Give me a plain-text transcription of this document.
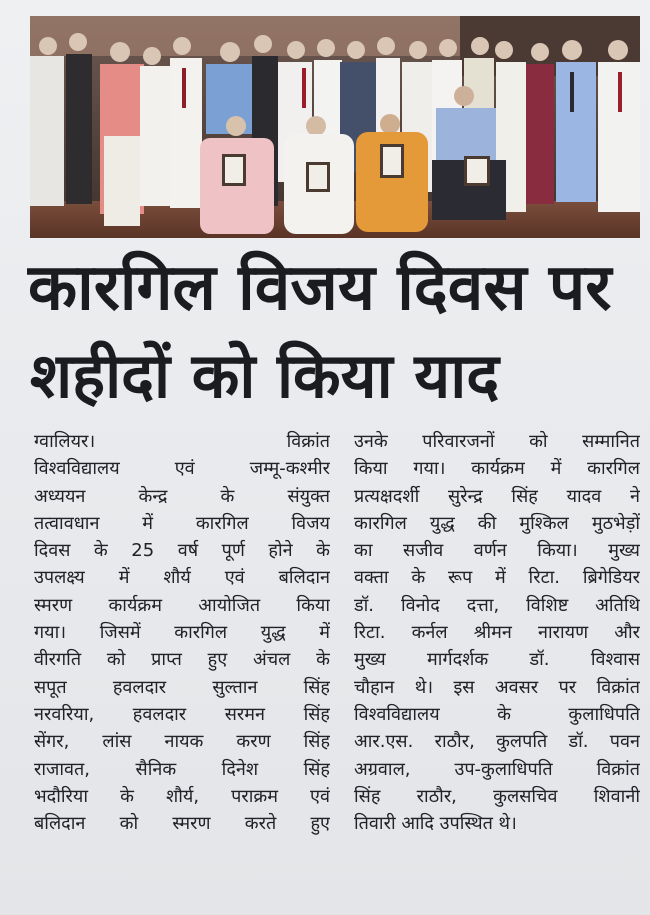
कारगिल विजय दिवस पर
शहीदों को किया याद
ग्वालियर। विक्रांत
विश्वविद्यालय एवं जम्मू-कश्मीर
अध्ययन केन्द्र के संयुक्त
तत्वावधान में कारगिल विजय
दिवस के 25 वर्ष पूर्ण होने के
उपलक्ष्य में शौर्य एवं बलिदान
स्मरण कार्यक्रम आयोजित किया
गया। जिसमें कारगिल युद्ध में
वीरगति को प्राप्त हुए अंचल के
सपूत हवलदार सुल्तान सिंह
नरवरिया, हवलदार सरमन सिंह
सेंगर, लांस नायक करण सिंह
राजावत, सैनिक दिनेश सिंह
भदौरिया के शौर्य, पराक्रम एवं
बलिदान को स्मरण करते हुए
उनके परिवारजनों को सम्मानित
किया गया। कार्यक्रम में कारगिल
प्रत्यक्षदर्शी सुरेन्द्र सिंह यादव ने
कारगिल युद्ध की मुश्किल मुठभेड़ों
का सजीव वर्णन किया। मुख्य
वक्ता के रूप में रिटा. ब्रिगेडियर
डॉ. विनोद दत्ता, विशिष्ट अतिथि
रिटा. कर्नल श्रीमन नारायण और
मुख्य मार्गदर्शक डॉ. विश्वास
चौहान थे। इस अवसर पर विक्रांत
विश्वविद्यालय के कुलाधिपति
आर.एस. राठौर, कुलपति डॉ. पवन
अग्रवाल, उप-कुलाधिपति विक्रांत
सिंह राठौर, कुलसचिव शिवानी
तिवारी आदि उपस्थित थे।
